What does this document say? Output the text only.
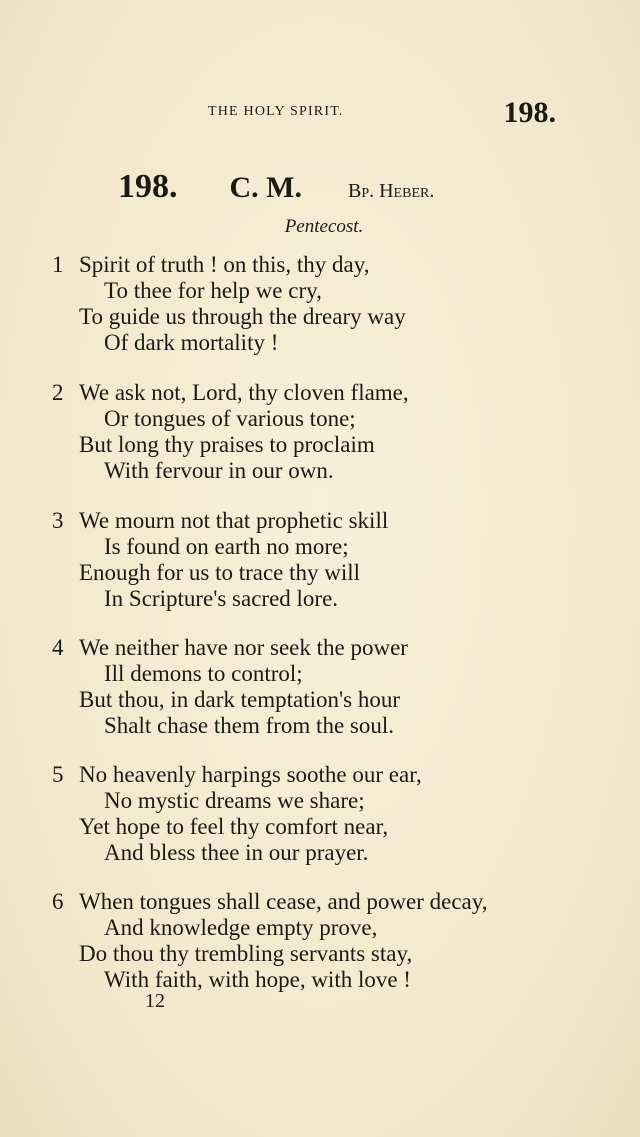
THE HOLY SPIRIT.	198.
198. C. M. Bp. Heber.
Pentecost.
1 Spirit of truth ! on this, thy day,
To thee for help we cry,
To guide us through the dreary way
Of dark mortality !
2 We ask not, Lord, thy cloven flame,
Or tongues of various tone;
But long thy praises to proclaim
With fervour in our own.
3 We mourn not that prophetic skill
Is found on earth no more;
Enough for us to trace thy will
In Scripture's sacred lore.
4 We neither have nor seek the power
Ill demons to control;
But thou, in dark temptation's hour
Shalt chase them from the soul.
5 No heavenly harpings soothe our ear,
No mystic dreams we share;
Yet hope to feel thy comfort near,
And bless thee in our prayer.
6 When tongues shall cease, and power decay,
And knowledge empty prove,
Do thou thy trembling servants stay,
With faith, with hope, with love !
12
